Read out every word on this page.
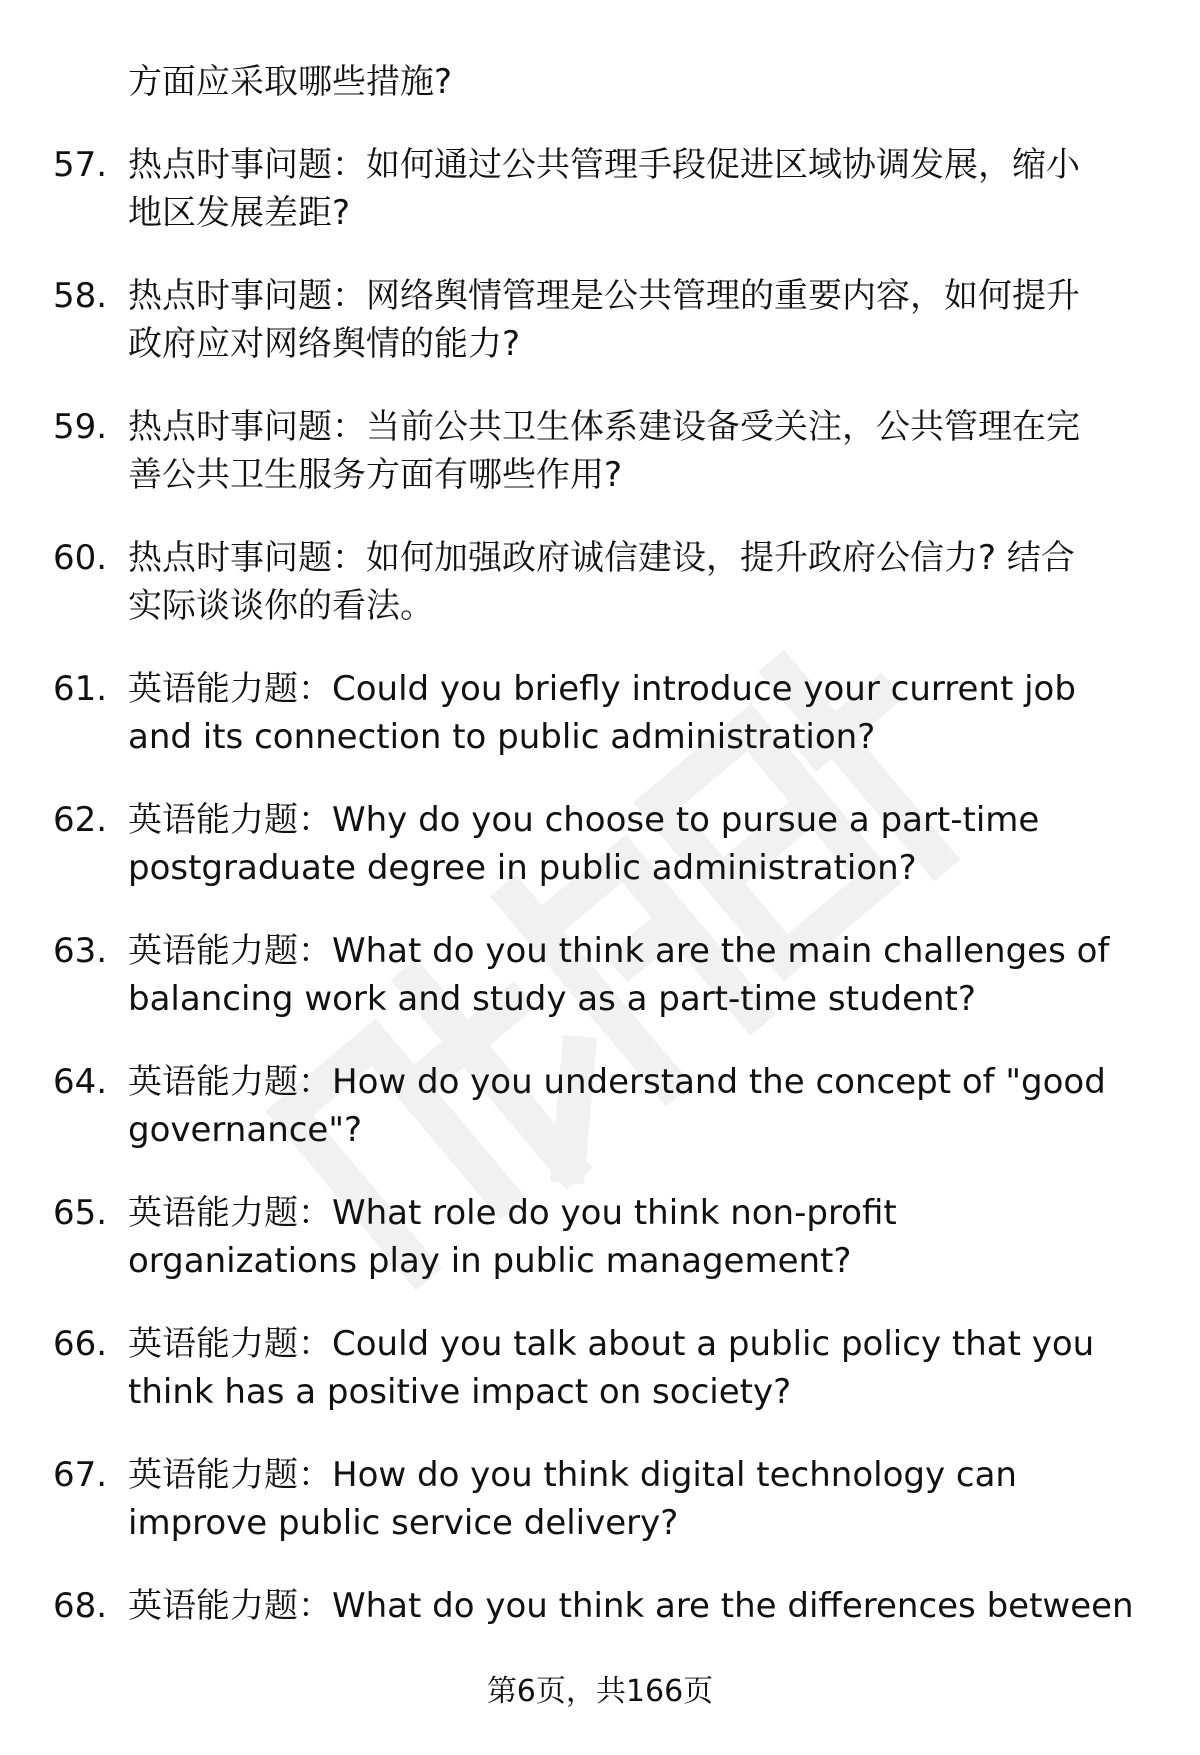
方面应采取哪些措施?
57. 热点时事问题：如何通过公共管理手段促进区域协调发展，缩小
地区发展差距?
58. 热点时事问题：网络舆情管理是公共管理的重要内容，如何提升
政府应对网络舆情的能力?
59. 热点时事问题：当前公共卫生体系建设备受关注，公共管理在完
善公共卫生服务方面有哪些作用?
60. 热点时事问题：如何加强政府诚信建设，提升政府公信力? 结合
实际谈谈你的看法。
61. 英语能力题：Could you briefly introduce your current job
and its connection to public administration?
62. 英语能力题：Why do you choose to pursue a part-time
postgraduate degree in public administration?
63. 英语能力题：What do you think are the main challenges of
balancing work and study as a part-time student?
64. 英语能力题：How do you understand the concept of "good
governance"?
65. 英语能力题：What role do you think non-profit
organizations play in public management?
66. 英语能力题：Could you talk about a public policy that you
think has a positive impact on society?
67. 英语能力题：How do you think digital technology can
improve public service delivery?
68. 英语能力题：What do you think are the differences between
第6页，共166页
